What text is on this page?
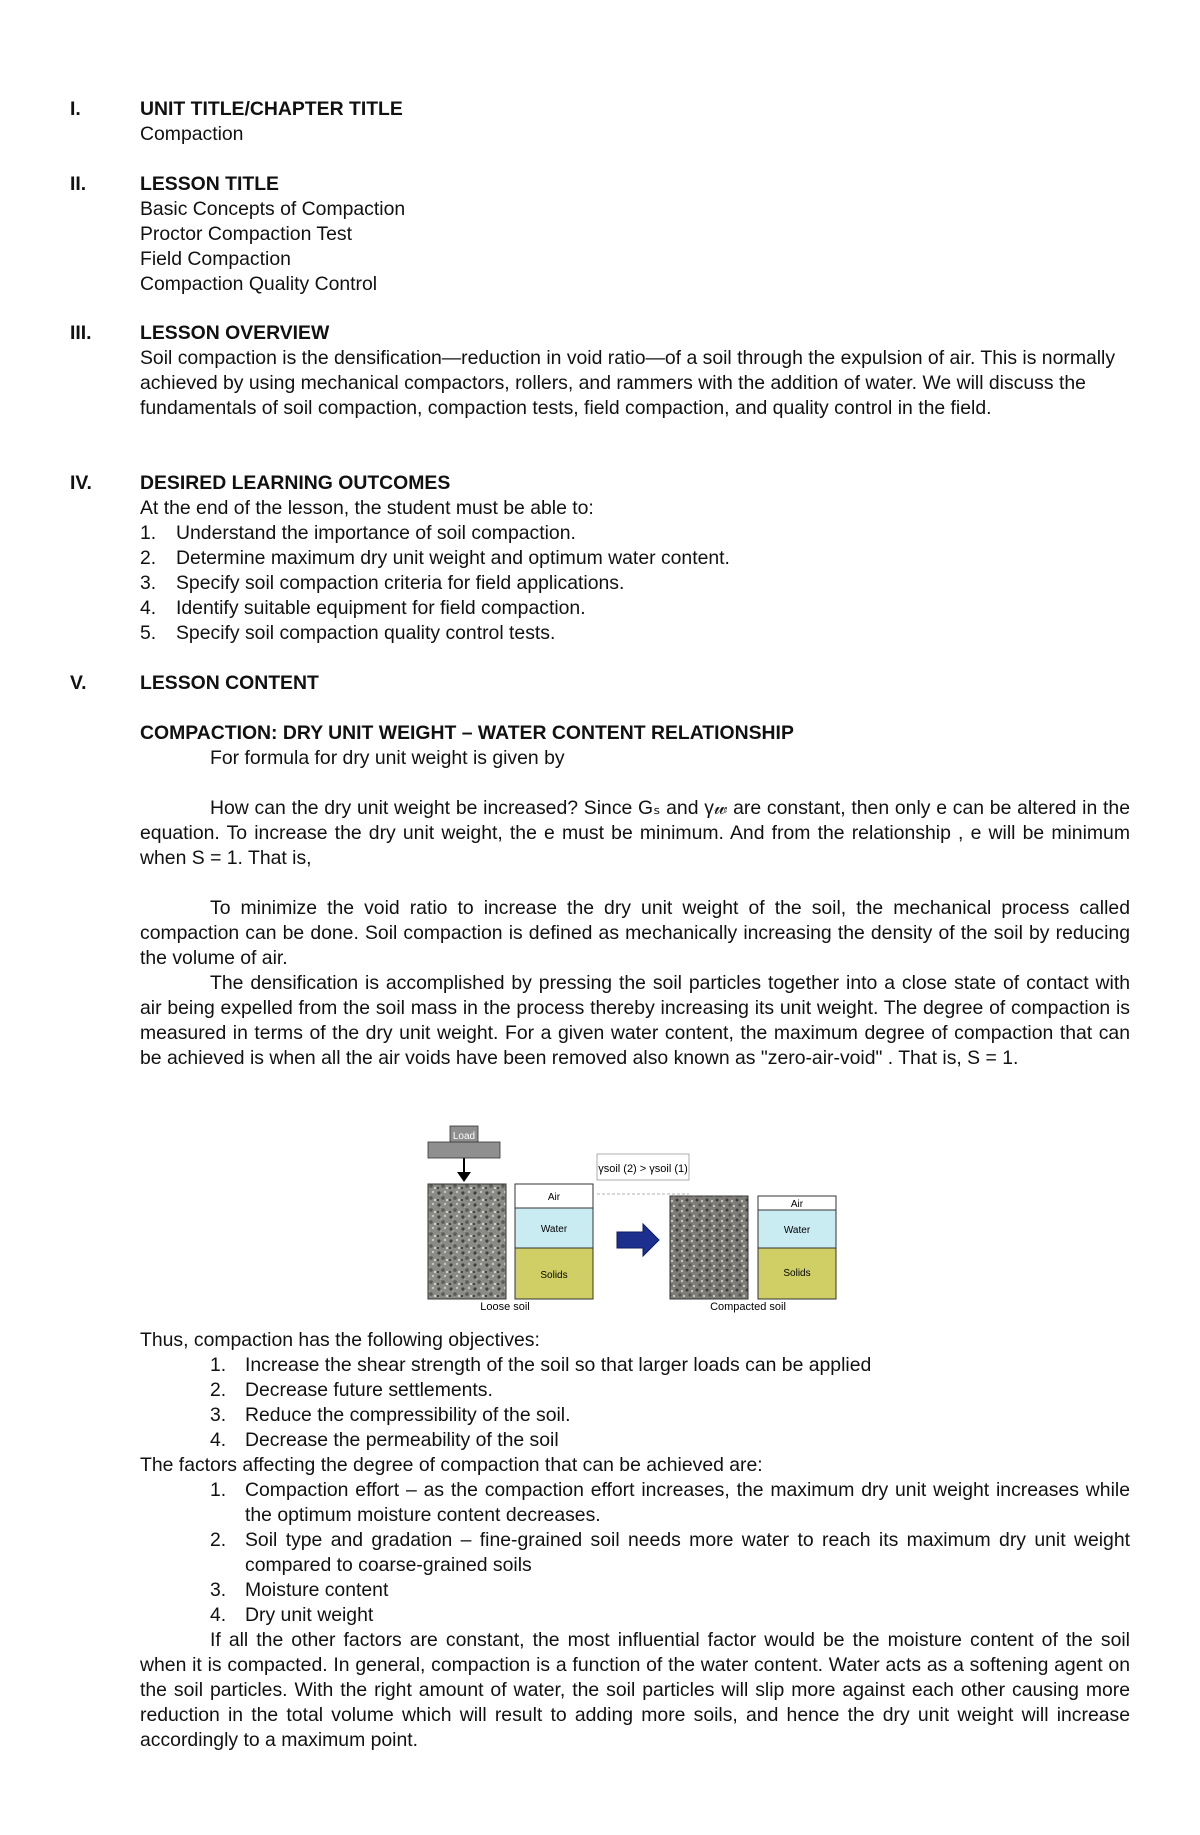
I.	UNIT TITLE/CHAPTER TITLE
Compaction
II.	LESSON TITLE
Basic Concepts of Compaction
Proctor Compaction Test
Field Compaction
Compaction Quality Control
III. LESSON OVERVIEW
Soil compaction is the densification—reduction in void ratio—of a soil through the expulsion of air. This is normally achieved by using mechanical compactors, rollers, and rammers with the addition of water. We will discuss the fundamentals of soil compaction, compaction tests, field compaction, and quality control in the field.
IV. DESIRED LEARNING OUTCOMES
At the end of the lesson, the student must be able to:
1. Understand the importance of soil compaction.
2. Determine maximum dry unit weight and optimum water content.
3. Specify soil compaction criteria for field applications.
4. Identify suitable equipment for field compaction.
5. Specify soil compaction quality control tests.
V.	LESSON CONTENT
COMPACTION: DRY UNIT WEIGHT – WATER CONTENT RELATIONSHIP
For formula for dry unit weight is given by
How can the dry unit weight be increased? Since Gₛ and γ𝓌 are constant, then only e can be altered in the equation. To increase the dry unit weight, the e must be minimum. And from the relationship , e will be minimum when S = 1. That is,
To minimize the void ratio to increase the dry unit weight of the soil, the mechanical process called compaction can be done. Soil compaction is defined as mechanically increasing the density of the soil by reducing the volume of air.
The densification is accomplished by pressing the soil particles together into a close state of contact with air being expelled from the soil mass in the process thereby increasing its unit weight. The degree of compaction is measured in terms of the dry unit weight. For a given water content, the maximum degree of compaction that can be achieved is when all the air voids have been removed also known as "zero-air-void" . That is, S = 1.
Load
Air
Water
Solids
Loose soil
γsoil (2) > γsoil (1)
Air
Water
Solids
Compacted soil
Thus, compaction has the following objectives:
1. Increase the shear strength of the soil so that larger loads can be applied
2. Decrease future settlements.
3. Reduce the compressibility of the soil.
4. Decrease the permeability of the soil
The factors affecting the degree of compaction that can be achieved are:
1. Compaction effort – as the compaction effort increases, the maximum dry unit weight increases while the optimum moisture content decreases.
2. Soil type and gradation – fine-grained soil needs more water to reach its maximum dry unit weight compared to coarse-grained soils
3. Moisture content
4. Dry unit weight
If all the other factors are constant, the most influential factor would be the moisture content of the soil when it is compacted. In general, compaction is a function of the water content. Water acts as a softening agent on the soil particles. With the right amount of water, the soil particles will slip more against each other causing more reduction in the total volume which will result to adding more soils, and hence the dry unit weight will increase accordingly to a maximum point.
